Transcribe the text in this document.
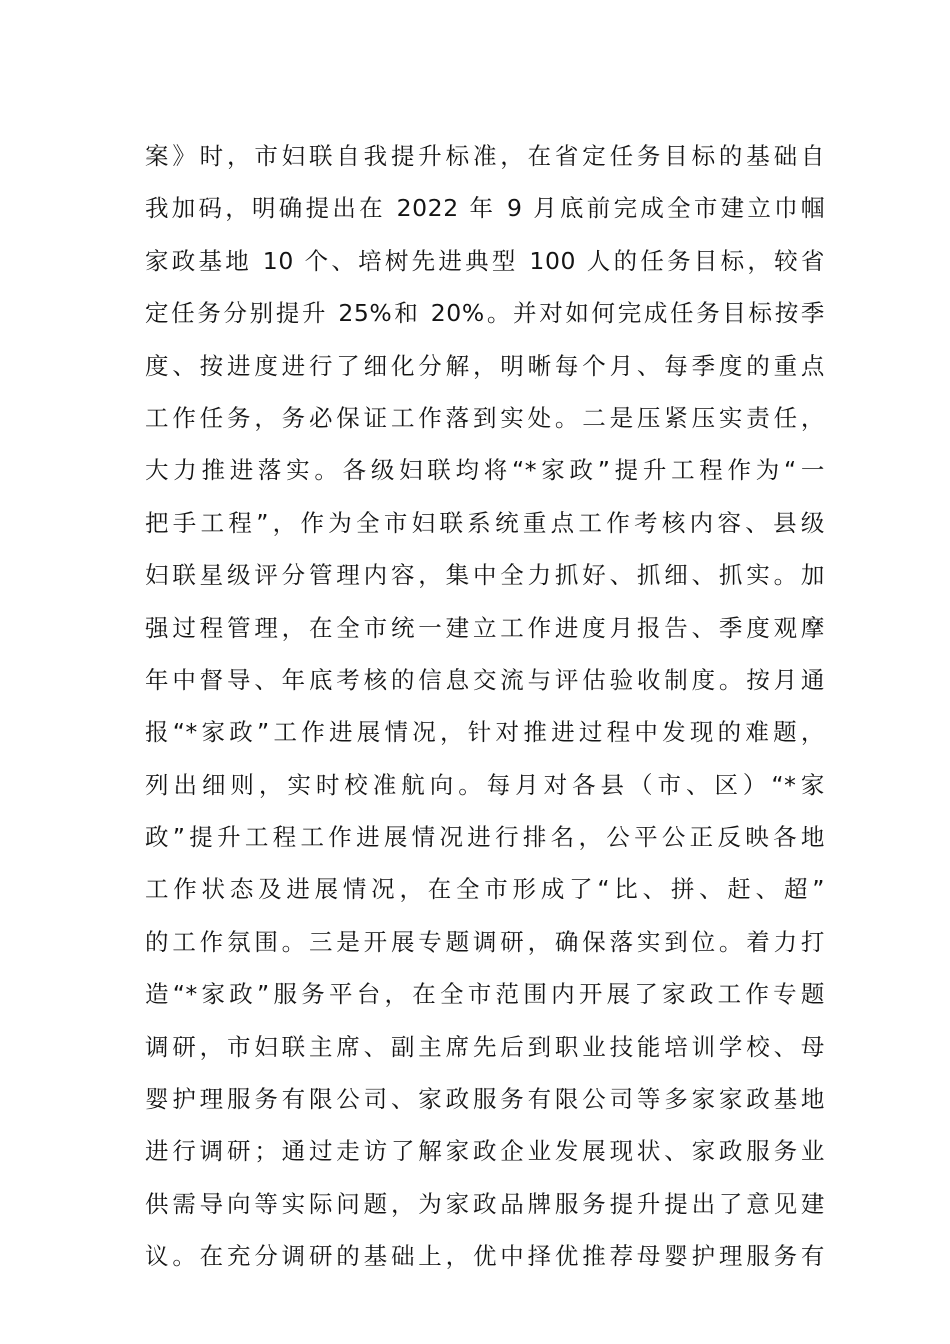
案》时，市妇联自我提升标准，在省定任务目标的基础自
我加码，明确提出在 2022 年 9 月底前完成全市建立巾帼
家政基地 10 个、培树先进典型 100 人的任务目标，较省
定任务分别提升 25%和 20%。并对如何完成任务目标按季
度、按进度进行了细化分解，明晰每个月、每季度的重点
工作任务，务必保证工作落到实处。二是压紧压实责任，
大力推进落实。各级妇联均将“*家政”提升工程作为“一
把手工程”，作为全市妇联系统重点工作考核内容、县级
妇联星级评分管理内容，集中全力抓好、抓细、抓实。加
强过程管理，在全市统一建立工作进度月报告、季度观摩
年中督导、年底考核的信息交流与评估验收制度。按月通
报“*家政”工作进展情况，针对推进过程中发现的难题，
列出细则，实时校准航向。每月对各县（市、区）“*家
政”提升工程工作进展情况进行排名，公平公正反映各地
工作状态及进展情况，在全市形成了“比、拼、赶、超”
的工作氛围。三是开展专题调研，确保落实到位。着力打
造“*家政”服务平台，在全市范围内开展了家政工作专题
调研，市妇联主席、副主席先后到职业技能培训学校、母
婴护理服务有限公司、家政服务有限公司等多家家政基地
进行调研；通过走访了解家政企业发展现状、家政服务业
供需导向等实际问题，为家政品牌服务提升提出了意见建
议。在充分调研的基础上，优中择优推荐母婴护理服务有
